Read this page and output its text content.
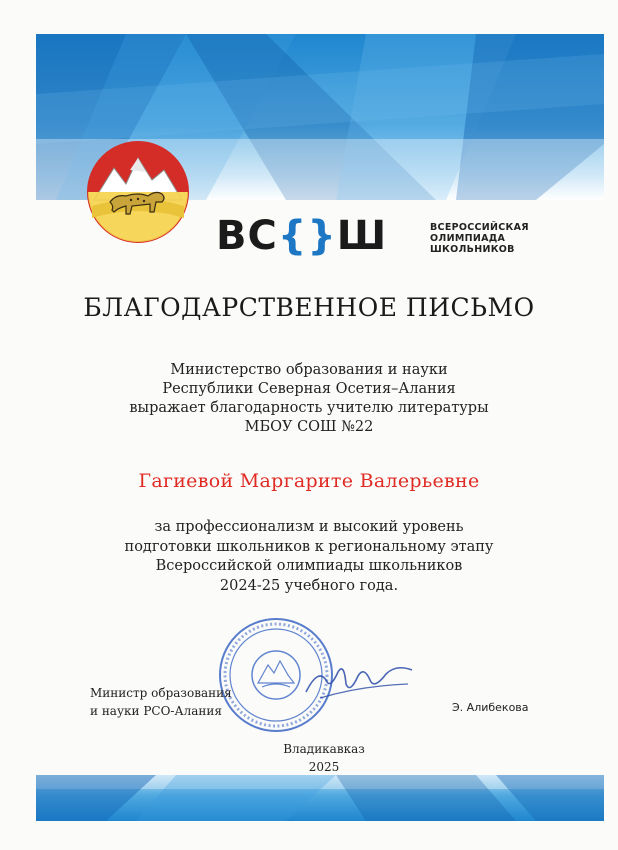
ВС{}Ш	ВСЕРОССИЙСКАЯ
ОЛИМПИАДА
ШКОЛЬНИКОВ
БЛАГОДАРСТВЕННОЕ ПИСЬМО
Министерство образования и науки
Республики Северная Осетия–Алания
выражает благодарность учителю литературы
МБОУ СОШ №22
Гагиевой Маргарите Валерьевне
за профессионализм и высокий уровень
подготовки школьников к региональному этапу
Всероссийской олимпиады школьников
2024-25 учебного года.
Министр образования
и науки РСО-Алания	Э. Алибекова
Владикавказ
2025
